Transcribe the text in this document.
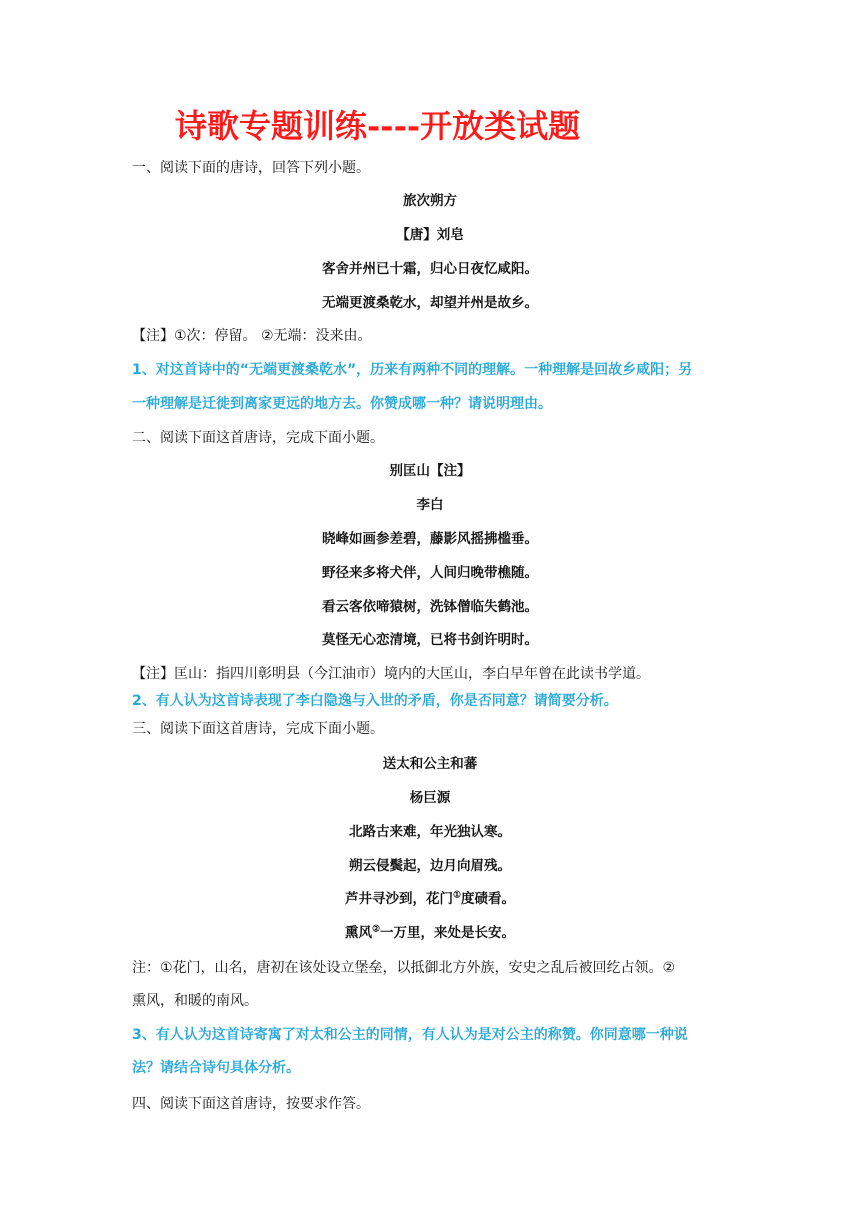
诗歌专题训练----开放类试题
一、阅读下面的唐诗，回答下列小题。
旅次朔方
【唐】刘皂
客舍并州已十霜，归心日夜忆咸阳。
无端更渡桑乾水，却望并州是故乡。
【注】①次：停留。 ②无端：没来由。
1、对这首诗中的“无端更渡桑乾水”，历来有两种不同的理解。一种理解是回故乡咸阳；另
一种理解是迁徙到离家更远的地方去。你赞成哪一种？请说明理由。
二、阅读下面这首唐诗，完成下面小题。
别匡山【注】
李白
晓峰如画参差碧，藤影风摇拂槛垂。
野径来多将犬伴，人间归晚带樵随。
看云客依啼猿树，洗钵僧临失鹤池。
莫怪无心恋清境，已将书剑许明时。
【注】匡山：指四川彰明县（今江油市）境内的大匡山，李白早年曾在此读书学道。
2、有人认为这首诗表现了李白隐逸与入世的矛盾，你是否同意？请简要分析。
三、阅读下面这首唐诗，完成下面小题。
送太和公主和蕃
杨巨源
北路古来难，年光独认寒。
朔云侵鬓起，边月向眉残。
芦井寻沙到，花门①度碛看。
熏风②一万里，来处是长安。
注：①花门，山名，唐初在该处设立堡垒，以抵御北方外族，安史之乱后被回纥占领。②
熏风，和暖的南风。
3、有人认为这首诗寄寓了对太和公主的同情，有人认为是对公主的称赞。你同意哪一种说
法？请结合诗句具体分析。
四、阅读下面这首唐诗，按要求作答。
